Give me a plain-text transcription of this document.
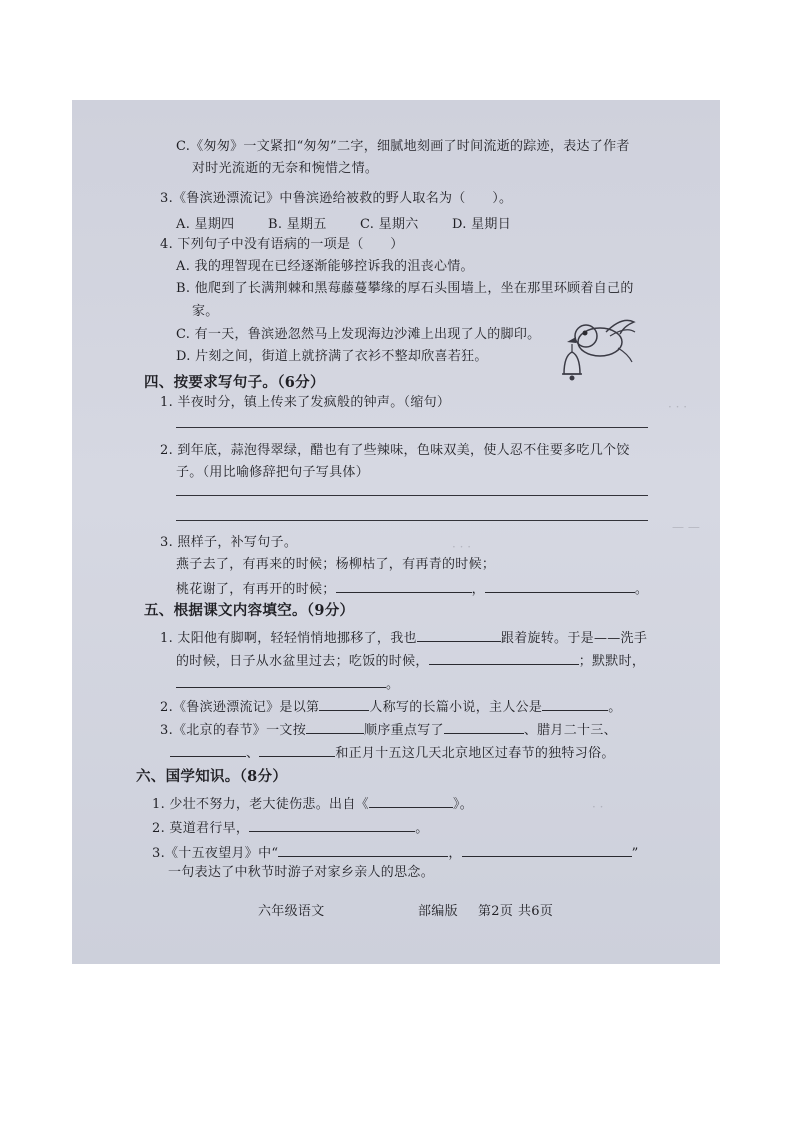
C.《匆匆》一文紧扣“匆匆”二字，细腻地刻画了时间流逝的踪迹，表达了作者
对时光流逝的无奈和惋惜之情。
3.《鲁滨逊漂流记》中鲁滨逊给被救的野人取名为（　　）。
A. 星期四	B. 星期五	C. 星期六	D. 星期日
4. 下列句子中没有语病的一项是（　　）
A. 我的理智现在已经逐渐能够控诉我的沮丧心情。
B. 他爬到了长满荆棘和黑莓藤蔓攀缘的厚石头围墙上，坐在那里环顾着自己的
家。
C. 有一天，鲁滨逊忽然马上发现海边沙滩上出现了人的脚印。
D. 片刻之间，街道上就挤满了衣衫不整却欣喜若狂。
四、按要求写句子。（6分）
1. 半夜时分，镇上传来了发疯般的钟声。（缩句）
2. 到年底，蒜泡得翠绿，醋也有了些辣味，色味双美，使人忍不住要多吃几个饺
子。（用比喻修辞把句子写具体）
3. 照样子，补写句子。
燕子去了，有再来的时候；杨柳枯了，有再青的时候；
桃花谢了，有再开的时候；	，	。
五、根据课文内容填空。（9分）
1. 太阳他有脚啊，轻轻悄悄地挪移了，我也	跟着旋转。于是——洗手
的时候，日子从水盆里过去；吃饭的时候，	；默默时，
。
2.《鲁滨逊漂流记》是以第	人称写的长篇小说，主人公是	。
3.《北京的春节》一文按	顺序重点写了	、腊月二十三、
、	和正月十五这几天北京地区过春节的独特习俗。
六、国学知识。（8分）
1. 少壮不努力，老大徒伤悲。出自《	》。
2. 莫道君行早，	。
3.《十五夜望月》中“	，	”
一句表达了中秋节时游子对家乡亲人的思念。
六年级语文	部编版 第2页 共6页
· · ·
— —
· · ·
· ·
